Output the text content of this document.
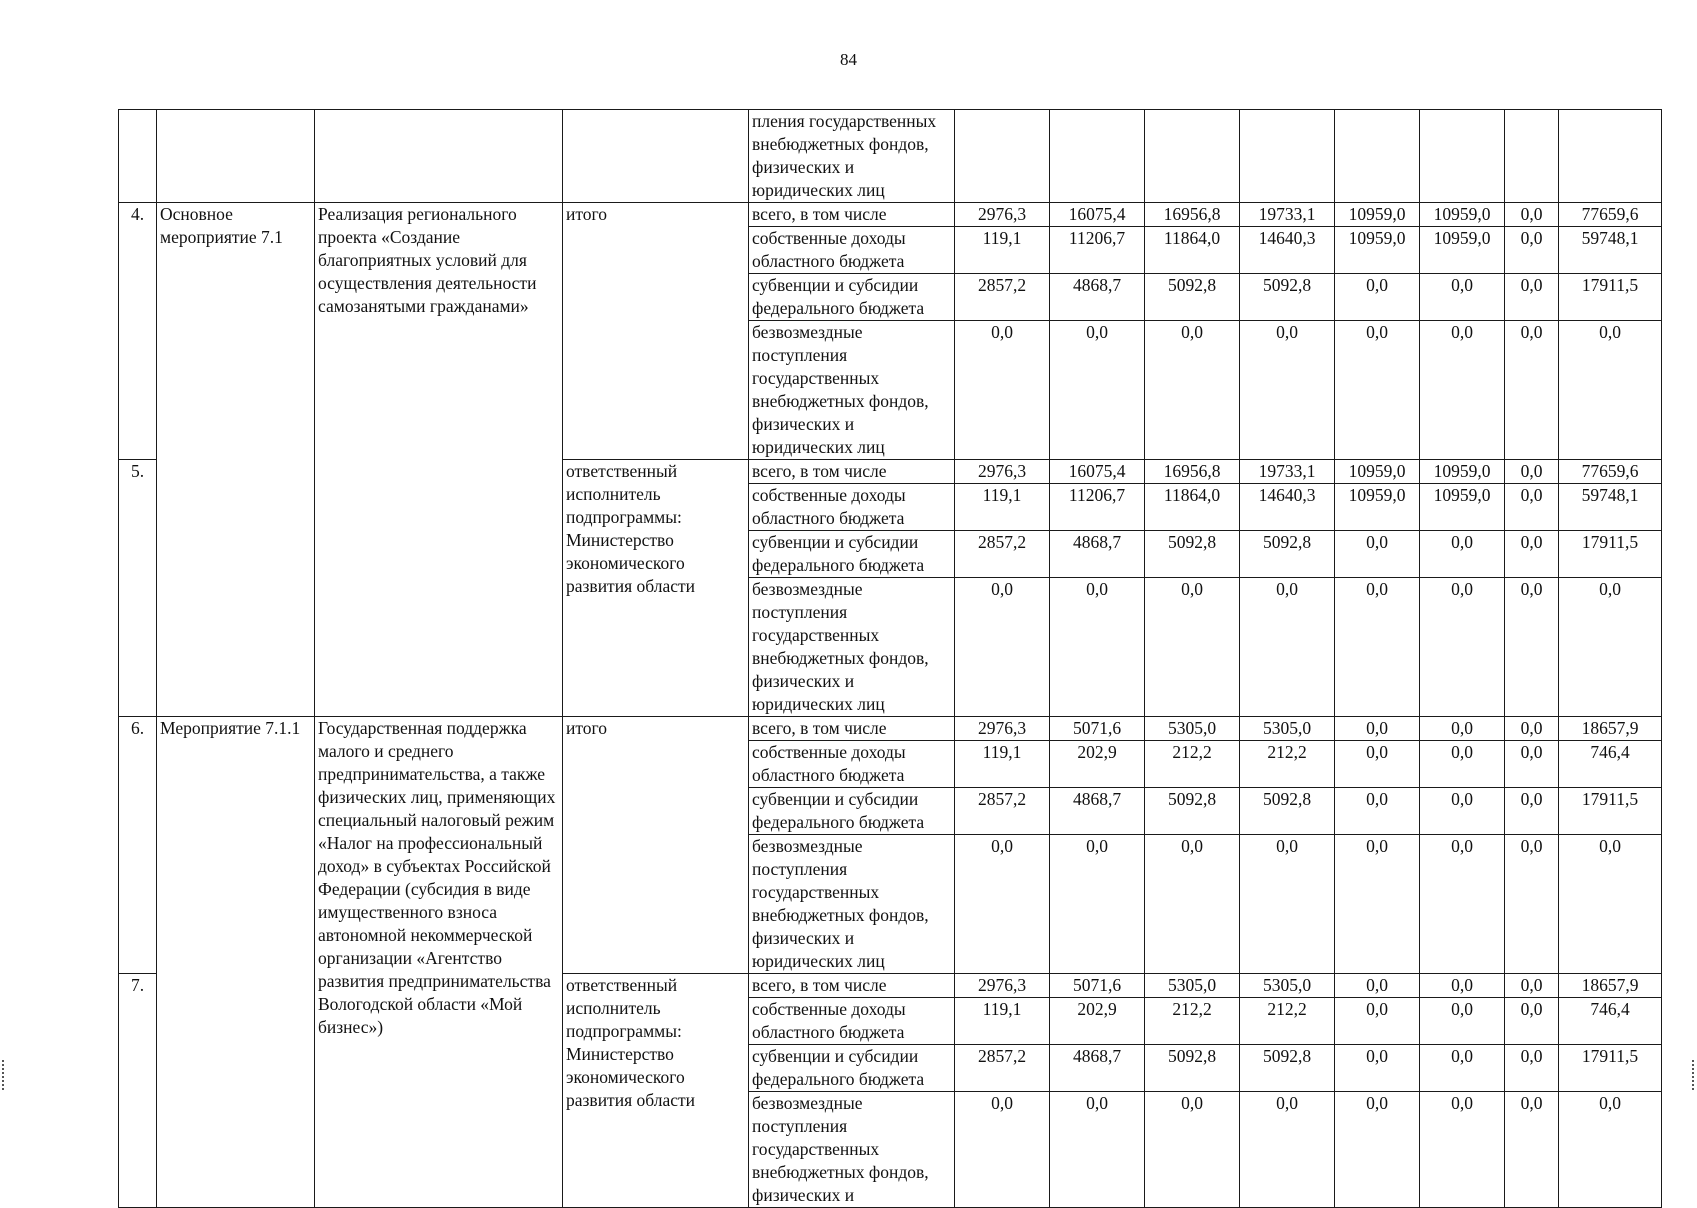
84
				пления государственных внебюджетных фондов, физических и юридических лиц								
4.	Основное мероприятие 7.1	Реализация регионального проекта «Создание благоприятных условий для осуществления деятельности самозанятыми гражданами»	итого	всего, в том числе	2976,3	16075,4	16956,8	19733,1	10959,0	10959,0	0,0	77659,6
				собственные доходы областного бюджета	119,1	11206,7	11864,0	14640,3	10959,0	10959,0	0,0	59748,1
				субвенции и субсидии федерального бюджета	2857,2	4868,7	5092,8	5092,8	0,0	0,0	0,0	17911,5
				безвозмездные поступления государственных внебюджетных фондов, физических и юридических лиц	0,0	0,0	0,0	0,0	0,0	0,0	0,0	0,0
5.			ответственный исполнитель подпрограммы: Министерство экономического развития области	всего, в том числе	2976,3	16075,4	16956,8	19733,1	10959,0	10959,0	0,0	77659,6
				собственные доходы областного бюджета	119,1	11206,7	11864,0	14640,3	10959,0	10959,0	0,0	59748,1
				субвенции и субсидии федерального бюджета	2857,2	4868,7	5092,8	5092,8	0,0	0,0	0,0	17911,5
				безвозмездные поступления государственных внебюджетных фондов, физических и юридических лиц	0,0	0,0	0,0	0,0	0,0	0,0	0,0	0,0
6.	Мероприятие 7.1.1	Государственная поддержка малого и среднего предпринимательства, а также физических лиц, применяющих специальный налоговый режим «Налог на профессиональный доход» в субъектах Российской Федерации (субсидия в виде имущественного взноса автономной некоммерческой организации «Агентство развития предпринимательства Вологодской области «Мой бизнес»)	итого	всего, в том числе	2976,3	5071,6	5305,0	5305,0	0,0	0,0	0,0	18657,9
				собственные доходы областного бюджета	119,1	202,9	212,2	212,2	0,0	0,0	0,0	746,4
				субвенции и субсидии федерального бюджета	2857,2	4868,7	5092,8	5092,8	0,0	0,0	0,0	17911,5
				безвозмездные поступления государственных внебюджетных фондов, физических и юридических лиц	0,0	0,0	0,0	0,0	0,0	0,0	0,0	0,0
7.			ответственный исполнитель подпрограммы: Министерство экономического развития области	всего, в том числе	2976,3	5071,6	5305,0	5305,0	0,0	0,0	0,0	18657,9
				собственные доходы областного бюджета	119,1	202,9	212,2	212,2	0,0	0,0	0,0	746,4
				субвенции и субсидии федерального бюджета	2857,2	4868,7	5092,8	5092,8	0,0	0,0	0,0	17911,5
				безвозмездные поступления государственных внебюджетных фондов, физических и	0,0	0,0	0,0	0,0	0,0	0,0	0,0	0,0
